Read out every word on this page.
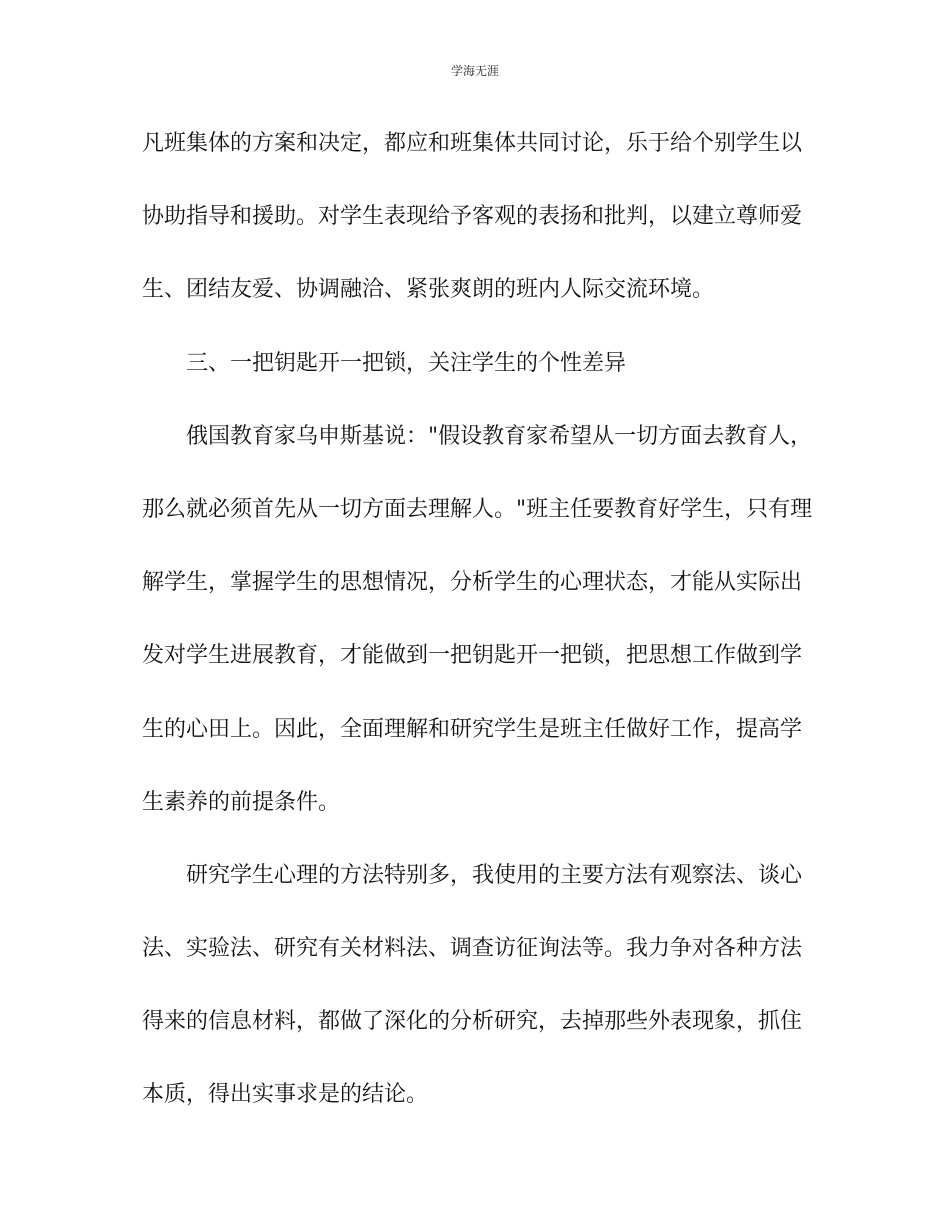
学海无涯
凡班集体的方案和决定，都应和班集体共同讨论，乐于给个别学生以
协助指导和援助。对学生表现给予客观的表扬和批判，以建立尊师爱
生、团结友爱、协调融洽、紧张爽朗的班内人际交流环境。
三、一把钥匙开一把锁，关注学生的个性差异
俄国教育家乌申斯基说："假设教育家希望从一切方面去教育人，
那么就必须首先从一切方面去理解人。"班主任要教育好学生，只有理
解学生，掌握学生的思想情况，分析学生的心理状态，才能从实际出
发对学生进展教育，才能做到一把钥匙开一把锁，把思想工作做到学
生的心田上。因此，全面理解和研究学生是班主任做好工作，提高学
生素养的前提条件。
研究学生心理的方法特别多，我使用的主要方法有观察法、谈心
法、实验法、研究有关材料法、调查访征询法等。我力争对各种方法
得来的信息材料，都做了深化的分析研究，去掉那些外表现象，抓住
本质，得出实事求是的结论。
